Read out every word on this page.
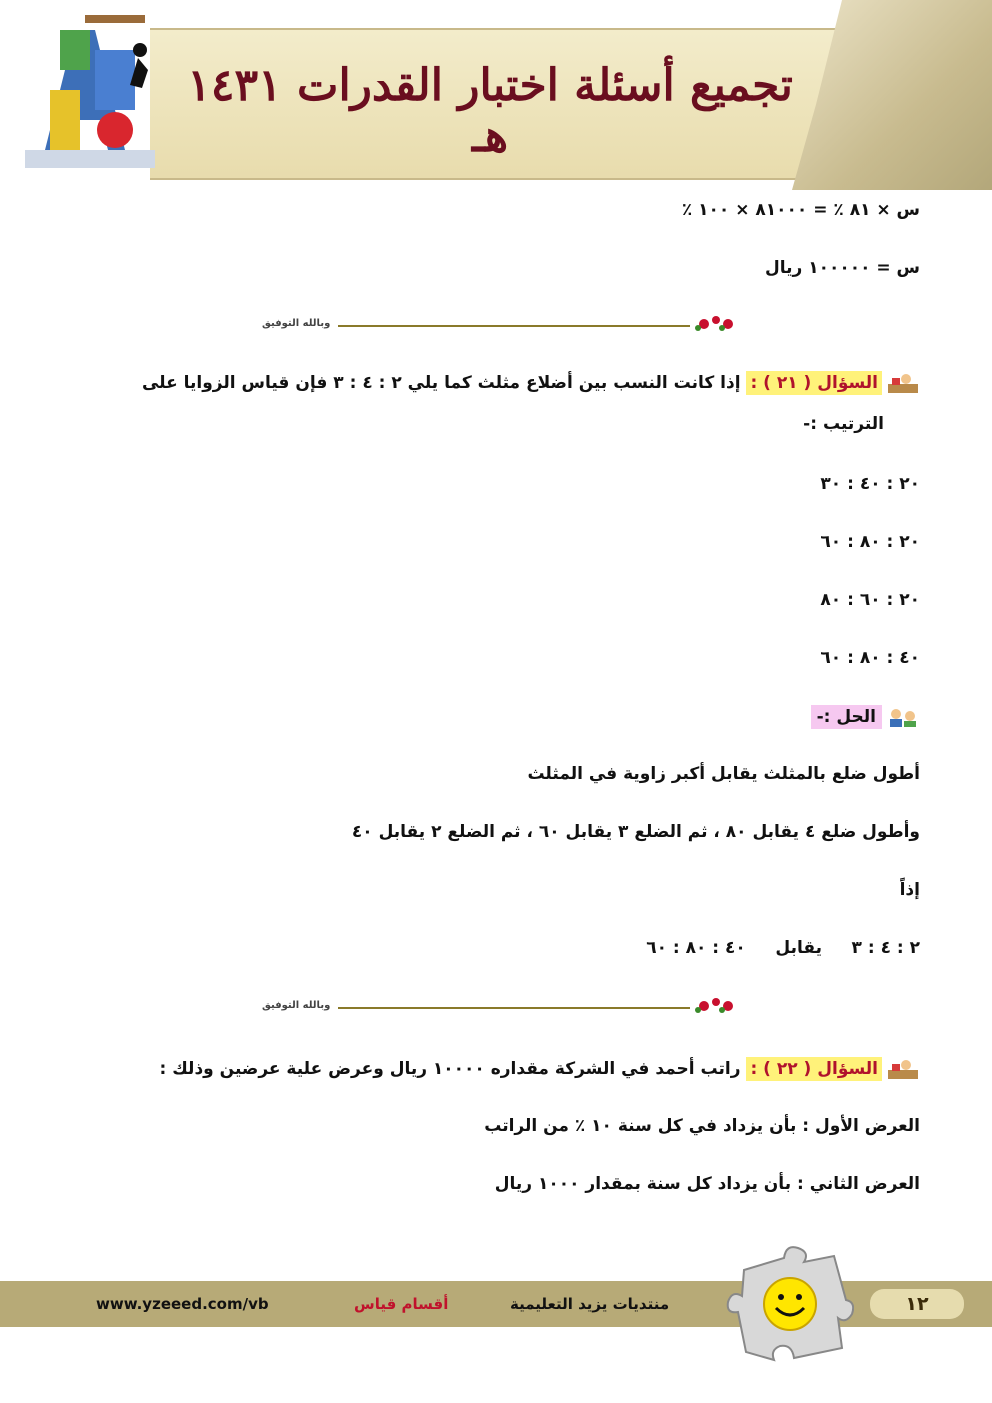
تجميع أسئلة اختبار القدرات ١٤٣١ هـ
س × ٨١ ٪ = ٨١٠٠٠ × ١٠٠ ٪
س = ١٠٠٠٠٠ ريال
وبالله التوفيق
السؤال ( ٢١ ) : إذا كانت النسب بين أضلاع مثلث كما يلي ٢ : ٤ : ٣ فإن قياس الزوايا على
الترتيب :-
٢٠ : ٤٠ : ٣٠
٢٠ : ٨٠ : ٦٠
٢٠ : ٦٠ : ٨٠
٤٠ : ٨٠ : ٦٠
الحل :-
أطول ضلع بالمثلث يقابل أكبر زاوية في المثلث
وأطول ضلع ٤ يقابل ٨٠ ، ثم الضلع ٣ يقابل ٦٠ ، ثم الضلع ٢ يقابل ٤٠
إذاً
٢ : ٤ : ٣     يقابل     ٤٠ : ٨٠ : ٦٠
وبالله التوفيق
السؤال ( ٢٢ ) : راتب أحمد في الشركة مقداره ١٠٠٠٠ ريال وعرض علية عرضين وذلك :
العرض الأول : بأن يزداد في كل سنة ١٠ ٪ من الراتب
العرض الثاني : بأن يزداد كل سنة بمقدار ١٠٠٠ ريال
١٢
منتديات يزيد التعليمية
أقسام قياس
www.yzeeed.com/vb
